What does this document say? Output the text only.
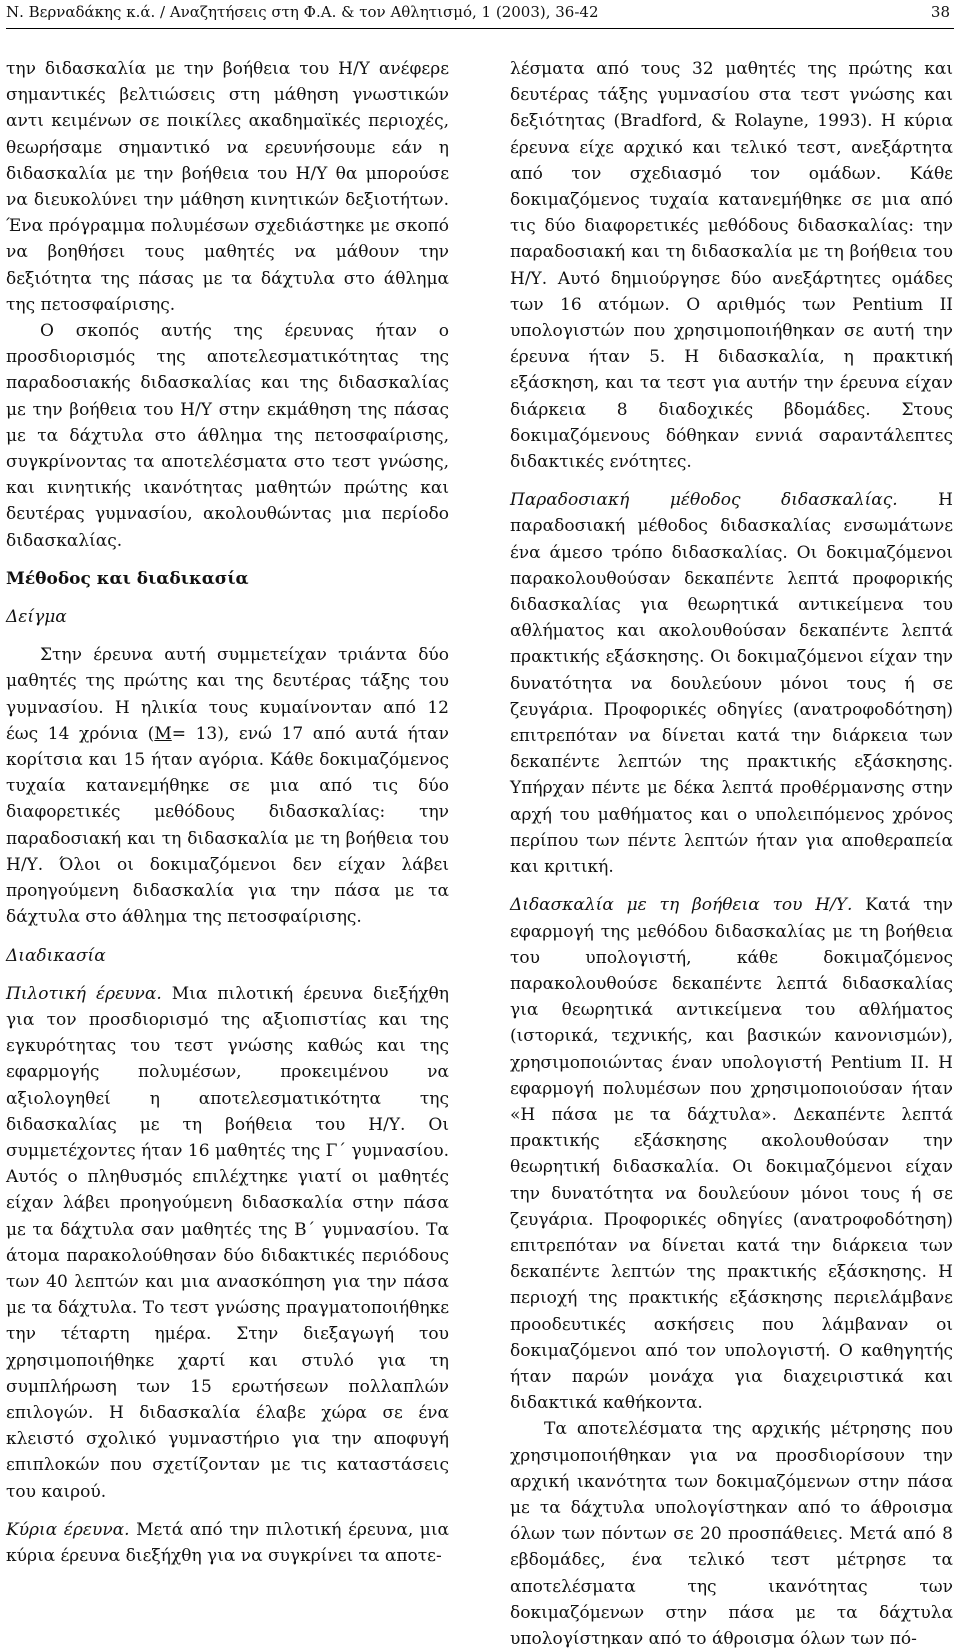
Ν. Βερναδάκης κ.ά. / Αναζητήσεις στη Φ.Α. & τον Αθλητισμό, 1 (2003), 36-42	38

την διδασκαλία με την βοήθεια του Η/Υ ανέφερε σημαντικές βελτιώσεις στη μάθηση γνωστικών αντι κειμένων σε ποικίλες ακαδημαϊκές περιοχές, θεωρήσαμε σημαντικό να ερευνήσουμε εάν η διδασκαλία με την βοήθεια του Η/Υ θα μπορούσε να διευκολύνει την μάθηση κινητικών δεξιοτήτων. Ένα πρόγραμμα πολυμέσων σχεδιάστηκε με σκοπό να βοηθήσει τους μαθητές να μάθουν την δεξιότητα της πάσας με τα δάχτυλα στο άθλημα της πετοσφαίρισης.

Ο σκοπός αυτής της έρευνας ήταν ο προσδιορισμός της αποτελεσματικότητας της παραδοσιακής διδασκαλίας και της διδασκαλίας με την βοήθεια του Η/Υ στην εκμάθηση της πάσας με τα δάχτυλα στο άθλημα της πετοσφαίρισης, συγκρίνοντας τα αποτελέσματα στο τεστ γνώσης, και κινητικής ικανότητας μαθητών πρώτης και δευτέρας γυμνασίου, ακολουθώντας μια περίοδο διδασκαλίας.

Μέθοδος και διαδικασία
Δείγμα

Στην έρευνα αυτή συμμετείχαν τριάντα δύο μαθητές της πρώτης και της δευτέρας τάξης του γυμνασίου. Η ηλικία τους κυμαίνονταν από 12 έως 14 χρόνια (M= 13), ενώ 17 από αυτά ήταν κορίτσια και 15 ήταν αγόρια. Κάθε δοκιμαζόμενος τυχαία κατανεμήθηκε σε μια από τις δύο διαφορετικές μεθόδους διδασκαλίας: την παραδοσιακή και τη διδασκαλία με τη βοήθεια του Η/Υ. Όλοι οι δοκιμαζόμενοι δεν είχαν λάβει προηγούμενη διδασκαλία για την πάσα με τα δάχτυλα στο άθλημα της πετοσφαίρισης.

Διαδικασία

Πιλοτική έρευνα. Μια πιλοτική έρευνα διεξήχθη για τον προσδιορισμό της αξιοπιστίας και της εγκυρότητας του τεστ γνώσης καθώς και της εφαρμογής πολυμέσων, προκειμένου να αξιολογηθεί η αποτελεσματικότητα της διδασκαλίας με τη βοήθεια του Η/Υ. Οι συμμετέχοντες ήταν 16 μαθητές της Γ΄ γυμνασίου. Αυτός ο πληθυσμός επιλέχτηκε γιατί οι μαθητές είχαν λάβει προηγούμενη διδασκαλία στην πάσα με τα δάχτυλα σαν μαθητές της Β΄ γυμνασίου. Τα άτομα παρακολούθησαν δύο διδακτικές περιόδους των 40 λεπτών και μια ανασκόπηση για την πάσα με τα δάχτυλα. Το τεστ γνώσης πραγματοποιήθηκε την τέταρτη ημέρα. Στην διεξαγωγή του χρησιμοποιήθηκε χαρτί και στυλό για τη συμπλήρωση των 15 ερωτήσεων πολλαπλών επιλογών. Η διδασκαλία έλαβε χώρα σε ένα κλειστό σχολικό γυμναστήριο για την αποφυγή επιπλοκών που σχετίζονταν με τις καταστάσεις του καιρού.

Κύρια έρευνα. Μετά από την πιλοτική έρευνα, μια κύρια έρευνα διεξήχθη για να συγκρίνει τα αποτε-

λέσματα από τους 32 μαθητές της πρώτης και δευτέρας τάξης γυμνασίου στα τεστ γνώσης και δεξιότητας (Bradford, & Rolayne, 1993). Η κύρια έρευνα είχε αρχικό και τελικό τεστ, ανεξάρτητα από τον σχεδιασμό τον ομάδων. Κάθε δοκιμαζόμενος τυχαία κατανεμήθηκε σε μια από τις δύο διαφορετικές μεθόδους διδασκαλίας: την παραδοσιακή και τη διδασκαλία με τη βοήθεια του Η/Υ. Αυτό δημιούργησε δύο ανεξάρτητες ομάδες των 16 ατόμων. Ο αριθμός των Pentium II υπολογιστών που χρησιμοποιήθηκαν σε αυτή την έρευνα ήταν 5. Η διδασκαλία, η πρακτική εξάσκηση, και τα τεστ για αυτήν την έρευνα είχαν διάρκεια 8 διαδοχικές βδομάδες. Στους δοκιμαζόμενους δόθηκαν εννιά σαραντάλεπτες διδακτικές ενότητες.

Παραδοσιακή μέθοδος διδασκαλίας. Η παραδοσιακή μέθοδος διδασκαλίας ενσωμάτωνε ένα άμεσο τρόπο διδασκαλίας. Οι δοκιμαζόμενοι παρακολουθούσαν δεκαπέντε λεπτά προφορικής διδασκαλίας για θεωρητικά αντικείμενα του αθλήματος και ακολουθούσαν δεκαπέντε λεπτά πρακτικής εξάσκησης. Οι δοκιμαζόμενοι είχαν την δυνατότητα να δουλεύουν μόνοι τους ή σε ζευγάρια. Προφορικές οδηγίες (ανατροφοδότηση) επιτρεπόταν να δίνεται κατά την διάρκεια των δεκαπέντε λεπτών της πρακτικής εξάσκησης. Υπήρχαν πέντε με δέκα λεπτά προθέρμανσης στην αρχή του μαθήματος και ο υπολειπόμενος χρόνος περίπου των πέντε λεπτών ήταν για αποθεραπεία και κριτική.

Διδασκαλία με τη βοήθεια του Η/Υ. Κατά την εφαρμογή της μεθόδου διδασκαλίας με τη βοήθεια του υπολογιστή, κάθε δοκιμαζόμενος παρακολουθούσε δεκαπέντε λεπτά διδασκαλίας για θεωρητικά αντικείμενα του αθλήματος (ιστορικά, τεχνικής, και βασικών κανονισμών), χρησιμοποιώντας έναν υπολογιστή Pentium II. Η εφαρμογή πολυμέσων που χρησιμοποιούσαν ήταν «Η πάσα με τα δάχτυλα». Δεκαπέντε λεπτά πρακτικής εξάσκησης ακολουθούσαν την θεωρητική διδασκαλία. Οι δοκιμαζόμενοι είχαν την δυνατότητα να δουλεύουν μόνοι τους ή σε ζευγάρια. Προφορικές οδηγίες (ανατροφοδότηση) επιτρεπόταν να δίνεται κατά την διάρκεια των δεκαπέντε λεπτών της πρακτικής εξάσκησης. Η περιοχή της πρακτικής εξάσκησης περιελάμβανε προοδευτικές ασκήσεις που λάμβαναν οι δοκιμαζόμενοι από τον υπολογιστή. Ο καθηγητής ήταν παρών μονάχα για διαχειριστικά και διδακτικά καθήκοντα.

Τα αποτελέσματα της αρχικής μέτρησης που χρησιμοποιήθηκαν για να προσδιορίσουν την αρχική ικανότητα των δοκιμαζόμενων στην πάσα με τα δάχτυλα υπολογίστηκαν από το άθροισμα όλων των πόντων σε 20 προσπάθειες. Μετά από 8 εβδομάδες, ένα τελικό τεστ μέτρησε τα αποτελέσματα της ικανότητας των δοκιμαζόμενων στην πάσα με τα δάχτυλα υπολογίστηκαν από το άθροισμα όλων των πό-
